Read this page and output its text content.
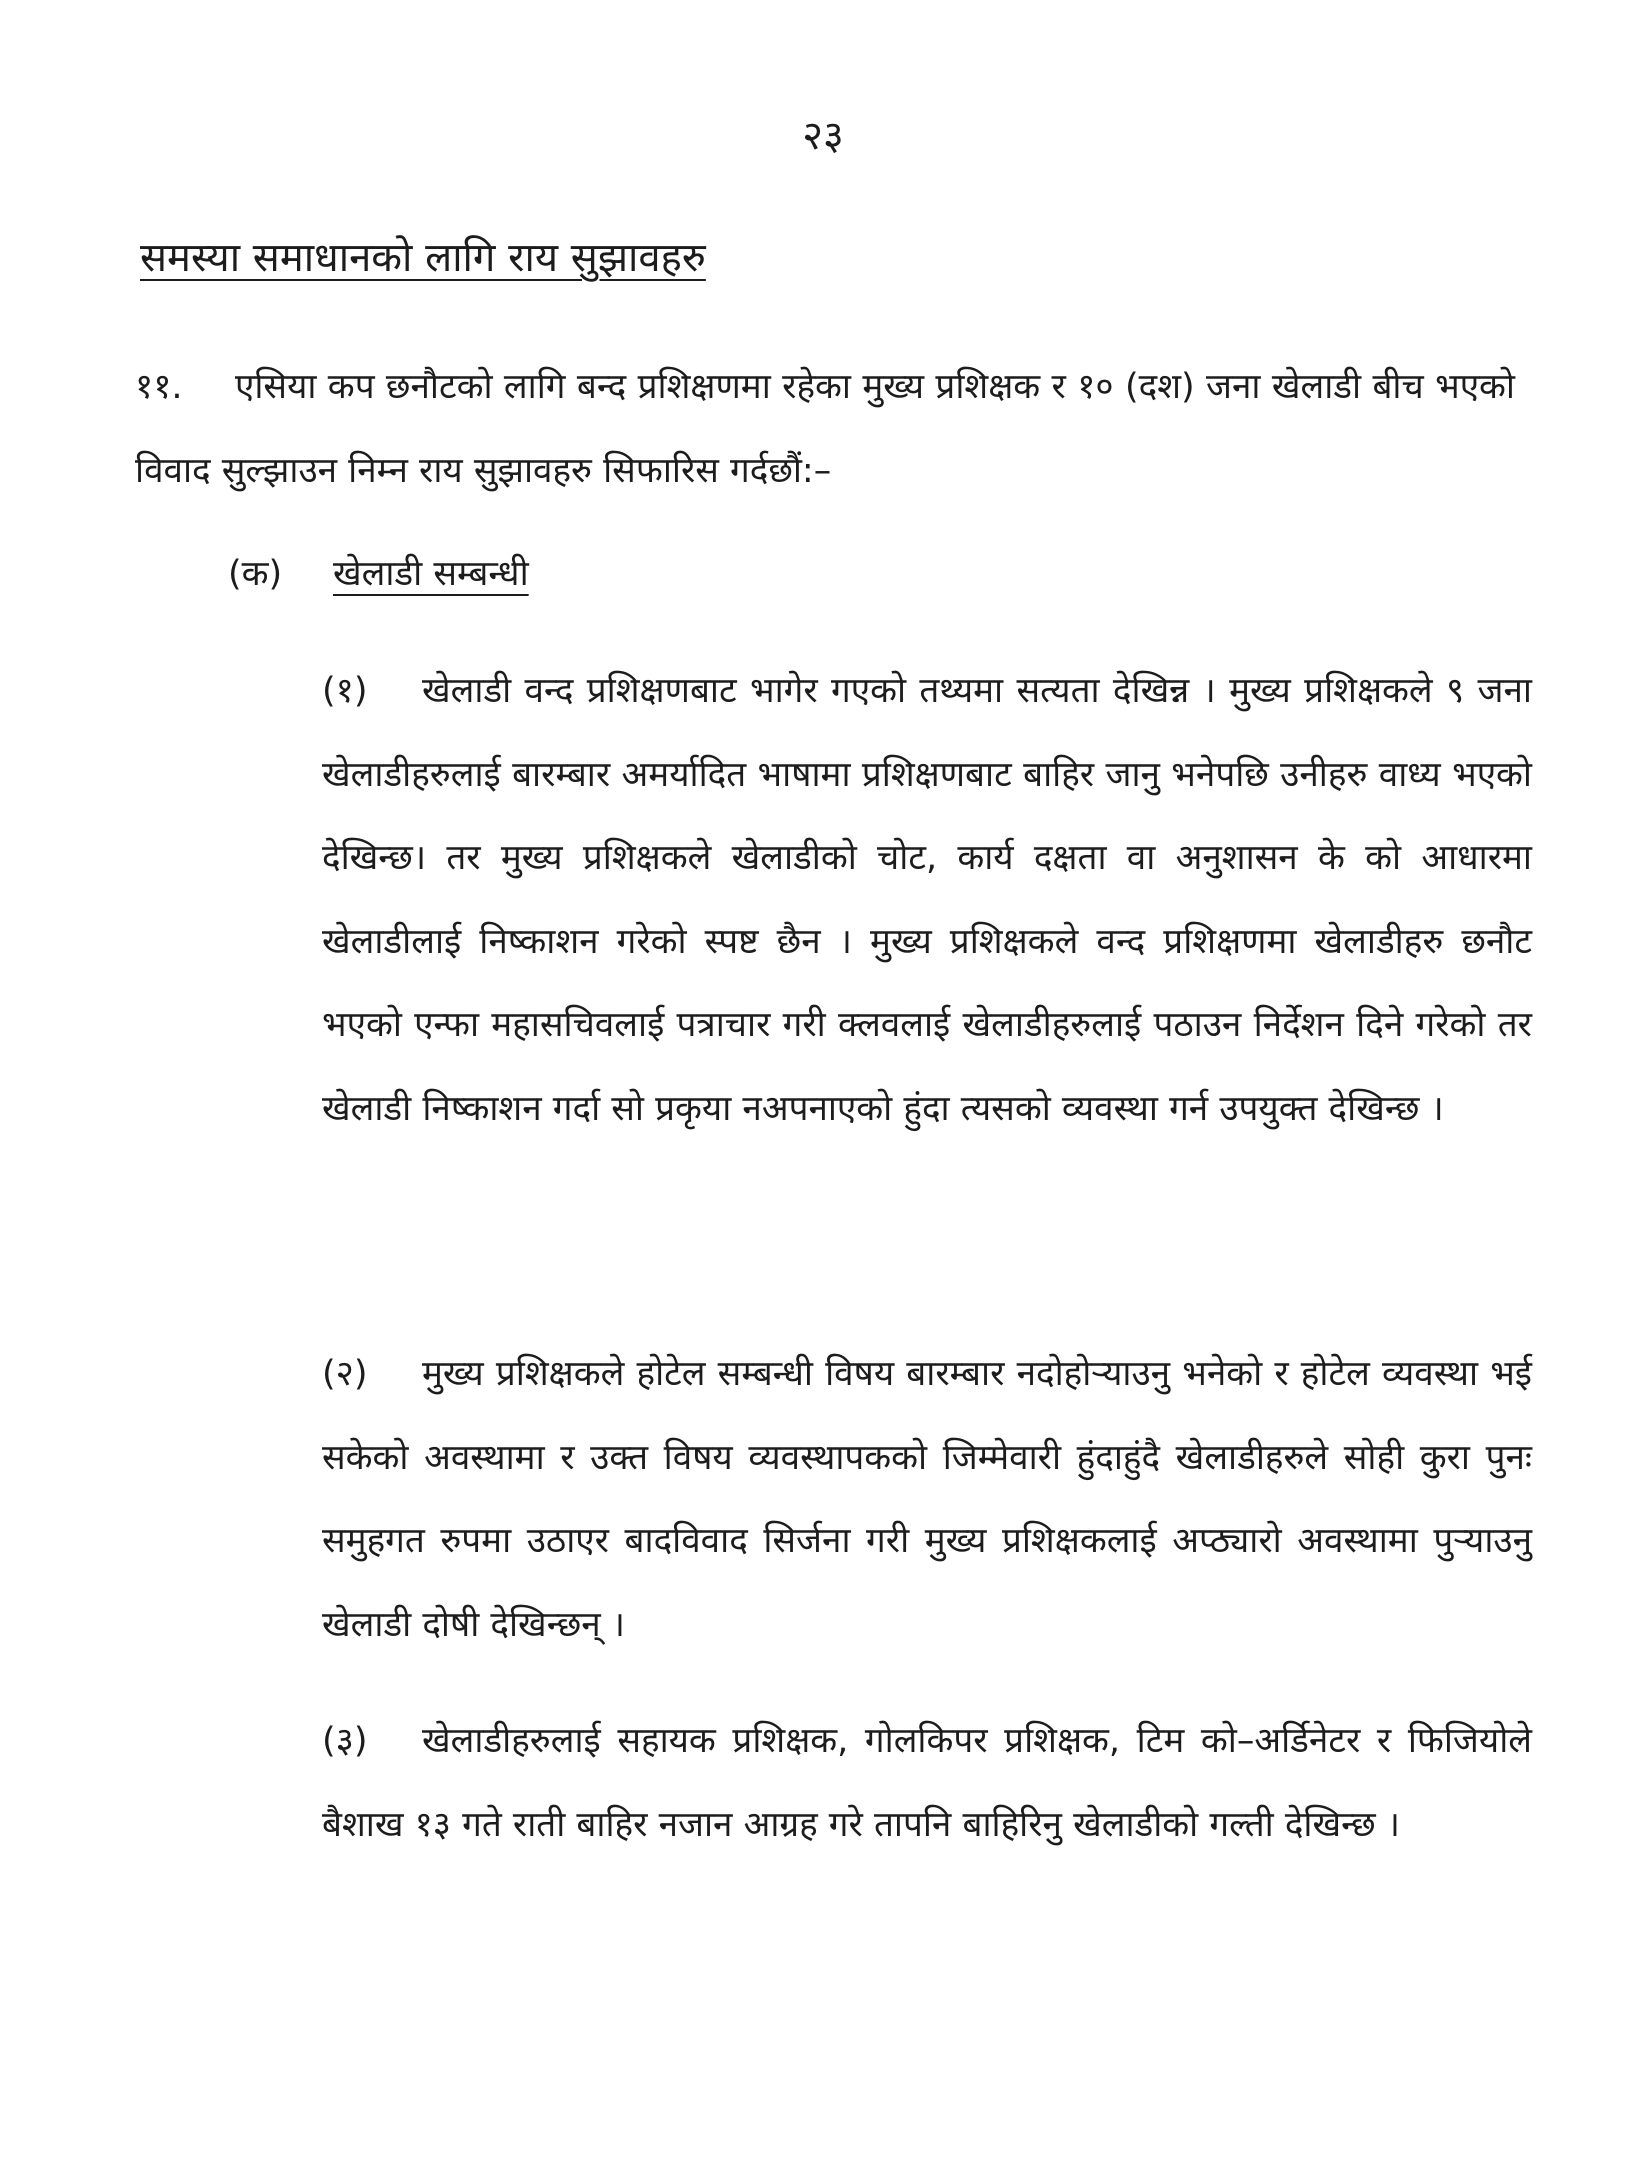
२३
समस्या समाधानको लागि राय सुझावहरु
११. एसिया कप छनौटको लागि बन्द प्रशिक्षणमा रहेका मुख्य प्रशिक्षक र १० (दश) जना खेलाडी बीच भएको विवाद सुल्झाउन निम्न राय सुझावहरु सिफारिस गर्दछौं:–
(क) खेलाडी सम्बन्धी
(१) खेलाडी वन्द प्रशिक्षणबाट भागेर गएको तथ्यमा सत्यता देखिन्न । मुख्य प्रशिक्षकले ९ जना खेलाडीहरुलाई बारम्बार अमर्यादित भाषामा प्रशिक्षणबाट बाहिर जानु भनेपछि उनीहरु वाध्य भएको देखिन्छ। तर मुख्य प्रशिक्षकले खेलाडीको चोट, कार्य दक्षता वा अनुशासन के को आधारमा खेलाडीलाई निष्काशन गरेको स्पष्ट छैन । मुख्य प्रशिक्षकले वन्द प्रशिक्षणमा खेलाडीहरु छनौट भएको एन्फा महासचिवलाई पत्राचार गरी क्लवलाई खेलाडीहरुलाई पठाउन निर्देशन दिने गरेको तर खेलाडी निष्काशन गर्दा सो प्रकृया नअपनाएको हुंदा त्यसको व्यवस्था गर्न उपयुक्त देखिन्छ ।
(२) मुख्य प्रशिक्षकले होटेल सम्बन्धी विषय बारम्बार नदोहोऱ्याउनु भनेको र होटेल व्यवस्था भई सकेको अवस्थामा र उक्त विषय व्यवस्थापकको जिम्मेवारी हुंदाहुंदै खेलाडीहरुले सोही कुरा पुनः समुहगत रुपमा उठाएर बादविवाद सिर्जना गरी मुख्य प्रशिक्षकलाई अप्ठ्यारो अवस्थामा पुऱ्याउनु खेलाडी दोषी देखिन्छन् ।
(३) खेलाडीहरुलाई सहायक प्रशिक्षक, गोलकिपर प्रशिक्षक, टिम को–अर्डिनेटर र फिजियोले बैशाख १३ गते राती बाहिर नजान आग्रह गरे तापनि बाहिरिनु खेलाडीको गल्ती देखिन्छ ।
